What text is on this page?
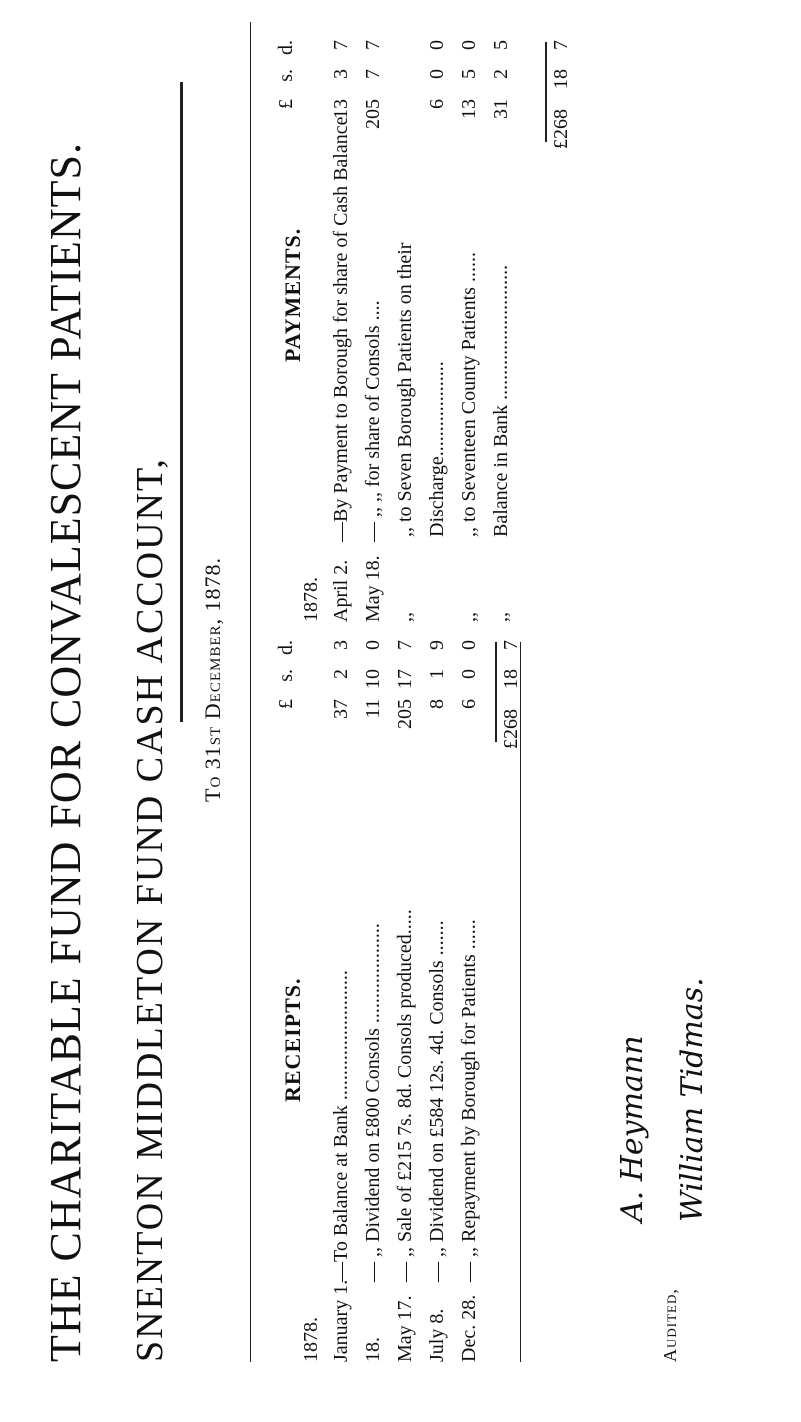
THE CHARITABLE FUND FOR CONVALESCENT PATIENTS. SNENTON MIDDLETON FUND CASH ACCOUNT, To 31st December, 1878.
RECEIPTS.
1878.
£
s.
d.
January 1.—To Balance at Bank ..........................
37
2
3
18.— ,, Dividend on £800 Consols ....................
11
10
0
May 17.— ,, Sale of £215 7s. 8d. Consols produced.....
205
17
7
July 8.— ,, Dividend on £584 12s. 4d. Consols .......
8
1
9
Dec. 28.— ,, Repayment by Borough for Patients ......
6
0
0
£268
18
7
PAYMENTS.
1878.
£
s.
d.
April 2.—By Payment to Borough for share of Cash Balance
13
3
7
May 18.— ,, ,, for share of Consols ....
205
7
7
,, ,, to Seven Borough Patients on their Discharge...................
6
0
0
,, ,, to Seventeen County Patients ......
13
5
0
,, Balance in Bank ...........................
31
2
5
£268
18
7
Audited,
A. Heymann William Tidmas.
